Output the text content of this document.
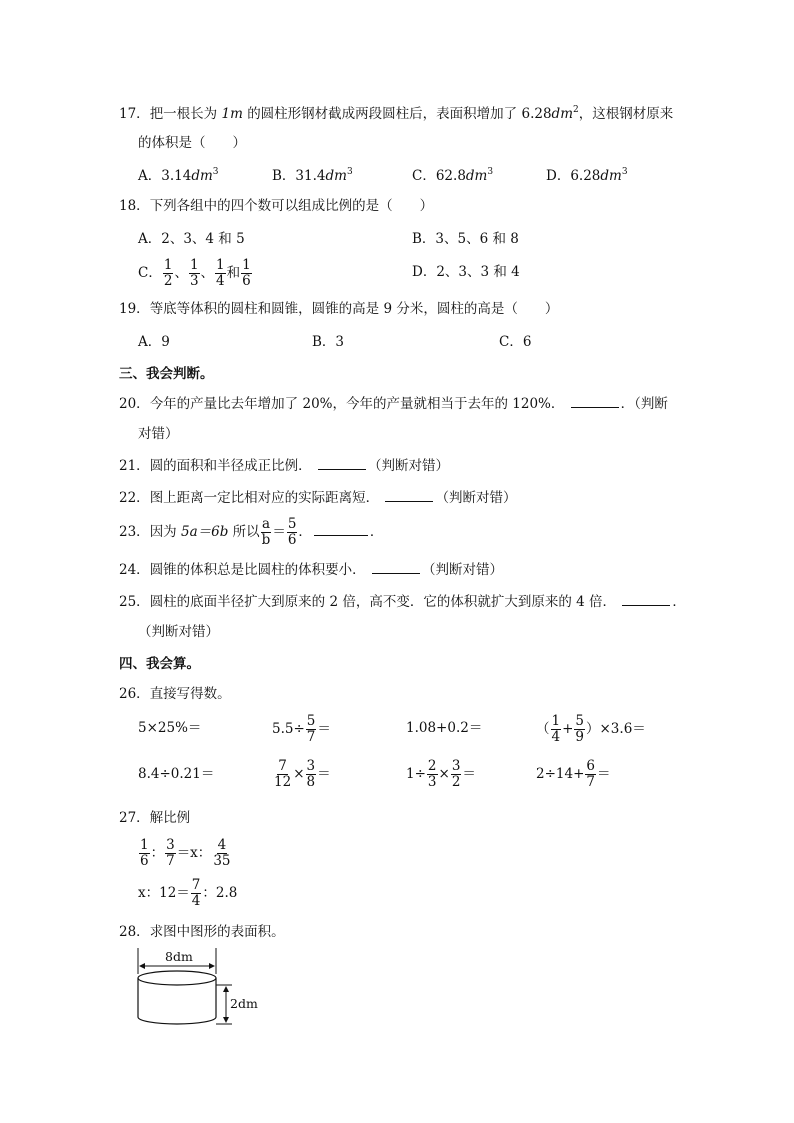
17．把一根长为 1m 的圆柱形钢材截成两段圆柱后，表面积增加了 $6.28dm^2$，这根钢材原来
的体积是（　　）
A．$3.14dm^3$	B．$31.4dm^3$	C．$62.8dm^3$	D．$6.28dm^3$
18．下列各组中的四个数可以组成比例的是（　　）
A．2、3、4 和 5	B．3、5、6 和 8
C． $\frac{1}{2}$ 、 $\frac{1}{3}$ 、 $\frac{1}{4}$ 和 $\frac{1}{6}$	D．2、3、3 和 4
19．等底等体积的圆柱和圆锥，圆锥的高是 9 分米，圆柱的高是（　　）
A．9	B．3	C．6
三、我会判断。
20．今年的产量比去年增加了 20%，今年的产量就相当于去年的 120%．	．（判断
对错）
21．圆的面积和半径成正比例．	（判断对错）
22．图上距离一定比相对应的实际距离短．	（判断对错）
23．因为 5a＝6b 所以 $\frac{a}{b} = \frac{5}{6}$ ．	．
24．圆锥的体积总是比圆柱的体积要小．	（判断对错）
25．圆柱的底面半径扩大到原来的 2 倍，高不变．它的体积就扩大到原来的 4 倍．	．
（判断对错）
四、我会算。
26．直接写得数。
5×25%＝	$5.5\div \frac{5}{7}$ ＝	1.08+0.2＝	（ $\frac{1}{4} + \frac{5}{9} )\times 3.6=$
8.4÷0.21＝	$\frac{7}{12} \times \frac{3}{8}$ ＝	$1\div \frac{2}{3} \times \frac{3}{2}$ ＝	$2\div 14+ \frac{6}{7}$ ＝
27．解比例
$\frac{1}{6}$ ： $\frac{3}{7} =x$： $\frac{4}{35}$
x：$12= \frac{7}{4}$ ：2.8
28．求图中图形的表面积。
8dm
2dm
